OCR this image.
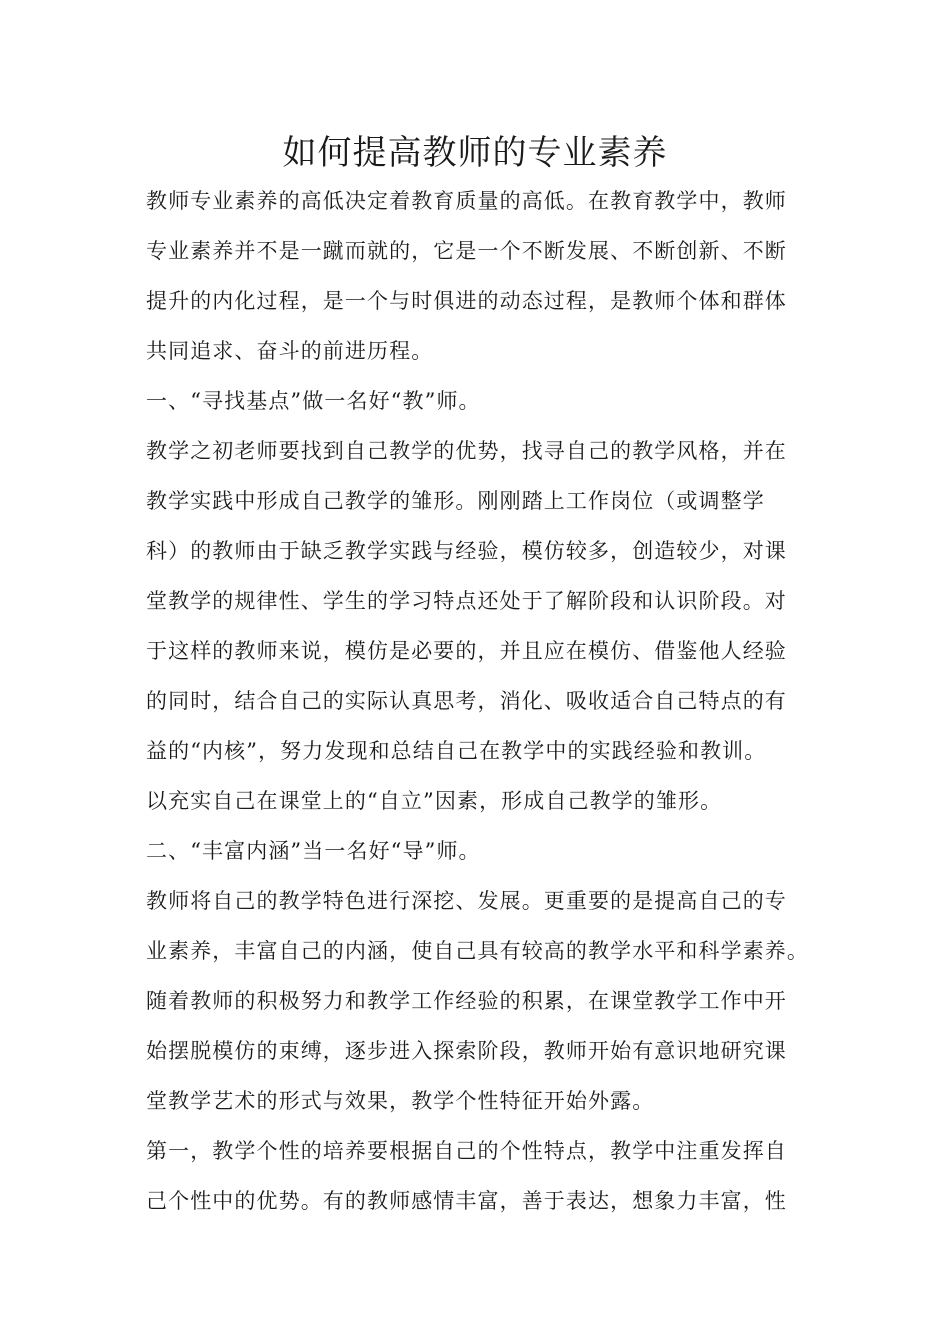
如何提高教师的专业素养
教师专业素养的高低决定着教育质量的高低。在教育教学中，教师
专业素养并不是一蹴而就的，它是一个不断发展、不断创新、不断
提升的内化过程，是一个与时俱进的动态过程，是教师个体和群体
共同追求、奋斗的前进历程。
一、“寻找基点”做一名好“教”师。
教学之初老师要找到自己教学的优势，找寻自己的教学风格，并在
教学实践中形成自己教学的雏形。刚刚踏上工作岗位（或调整学
科）的教师由于缺乏教学实践与经验，模仿较多，创造较少，对课
堂教学的规律性、学生的学习特点还处于了解阶段和认识阶段。对
于这样的教师来说，模仿是必要的，并且应在模仿、借鉴他人经验
的同时，结合自己的实际认真思考，消化、吸收适合自己特点的有
益的“内核”，努力发现和总结自己在教学中的实践经验和教训。
以充实自己在课堂上的“自立”因素，形成自己教学的雏形。
二、“丰富内涵”当一名好“导”师。
教师将自己的教学特色进行深挖、发展。更重要的是提高自己的专
业素养，丰富自己的内涵，使自己具有较高的教学水平和科学素养。
随着教师的积极努力和教学工作经验的积累，在课堂教学工作中开
始摆脱模仿的束缚，逐步进入探索阶段，教师开始有意识地研究课
堂教学艺术的形式与效果，教学个性特征开始外露。
第一，教学个性的培养要根据自己的个性特点，教学中注重发挥自
己个性中的优势。有的教师感情丰富，善于表达，想象力丰富，性
